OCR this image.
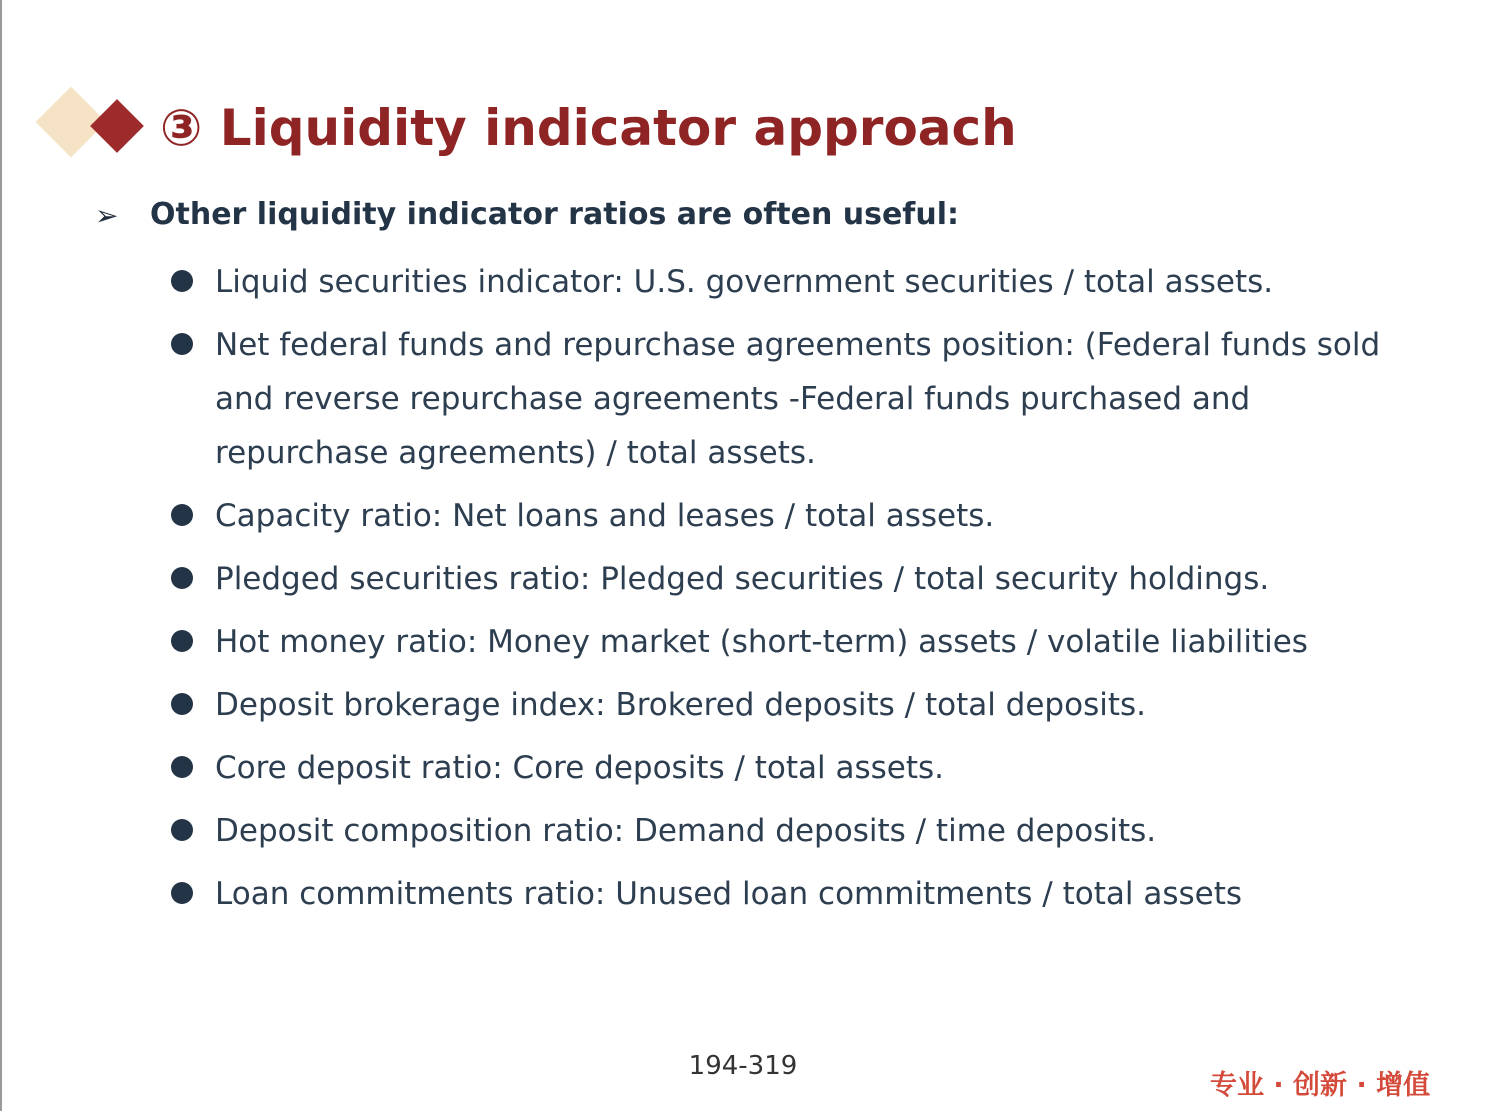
③ Liquidity indicator approach
➢ Other liquidity indicator ratios are often useful:
Liquid securities indicator: U.S. government securities / total assets.
Net federal funds and repurchase agreements position: (Federal funds sold and reverse repurchase agreements -Federal funds purchased and repurchase agreements) / total assets.
Capacity ratio: Net loans and leases / total assets.
Pledged securities ratio: Pledged securities / total security holdings.
Hot money ratio: Money market (short-term) assets / volatile liabilities
Deposit brokerage index: Brokered deposits / total deposits.
Core deposit ratio: Core deposits / total assets.
Deposit composition ratio: Demand deposits / time deposits.
Loan commitments ratio: Unused loan commitments / total assets
194-319
专业 · 创新 · 增值
